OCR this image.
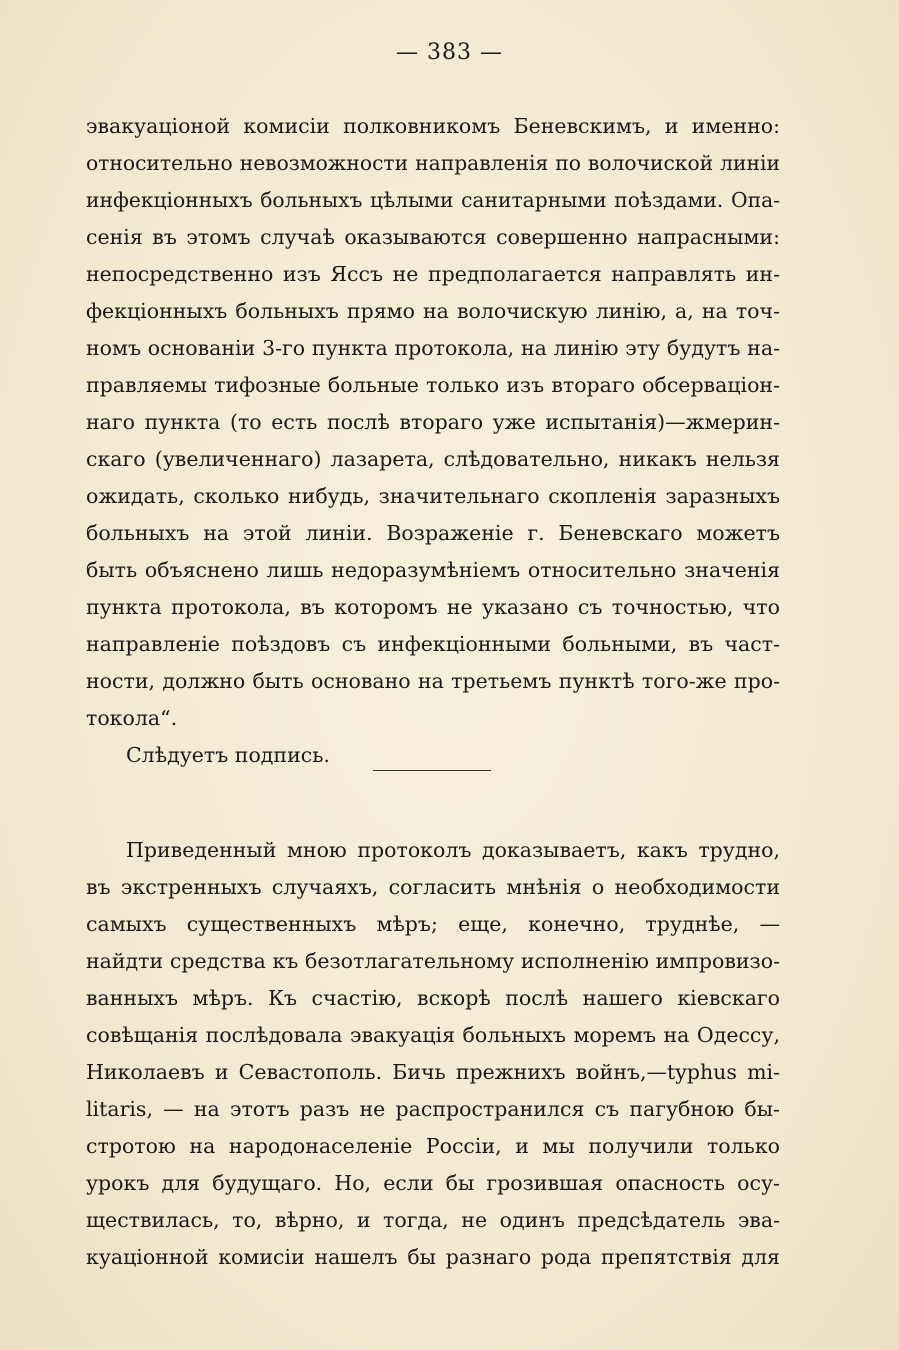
— 383 —
эвакуаціоной комисіи полковникомъ Беневскимъ, и именно:
относительно невозможности направленія по волочиской линіи
инфекціонныхъ больныхъ цѣлыми санитарными поѣздами. Опа-
сенія въ этомъ случаѣ оказываются совершенно напрасными:
непосредственно изъ Яссъ не предполагается направлять ин-
фекціонныхъ больныхъ прямо на волочискую линію, а, на точ-
номъ основаніи 3-го пункта протокола, на линію эту будутъ на-
правляемы тифозные больные только изъ втораго обсерваціон-
наго пункта (то есть послѣ втораго уже испытанія)—жмерин-
скаго (увеличеннаго) лазарета, слѣдовательно, никакъ нельзя
ожидать, сколько нибудь, значительнаго скопленія заразныхъ
больныхъ на этой линіи. Возраженіе г. Беневскаго можетъ
быть объяснено лишь недоразумѣніемъ относительно значенія
пункта протокола, въ которомъ не указано съ точностью, что
направленіе поѣздовъ съ инфекціонными больными, въ част-
ности, должно быть основано на третьемъ пунктѣ того-же про-
токола“.
Слѣдуетъ подпись.
Приведенный мною протоколъ доказываетъ, какъ трудно,
въ экстренныхъ случаяхъ, согласить мнѣнія о необходимости
самыхъ существенныхъ мѣръ; еще, конечно, труднѣе, —
найдти средства къ безотлагательному исполненію импровизо-
ванныхъ мѣръ. Къ счастію, вскорѣ послѣ нашего кіевскаго
совѣщанія послѣдовала эвакуація больныхъ моремъ на Одессу,
Николаевъ и Севастополь. Бичь прежнихъ войнъ,—typhus mi-
litaris, — на этотъ разъ не распространился съ пагубною бы-
стротою на народонаселеніе Россіи, и мы получили только
урокъ для будущаго. Но, если бы грозившая опасность осу-
ществилась, то, вѣрно, и тогда, не одинъ предсѣдатель эва-
куаціонной комисіи нашелъ бы разнаго рода препятствія для
